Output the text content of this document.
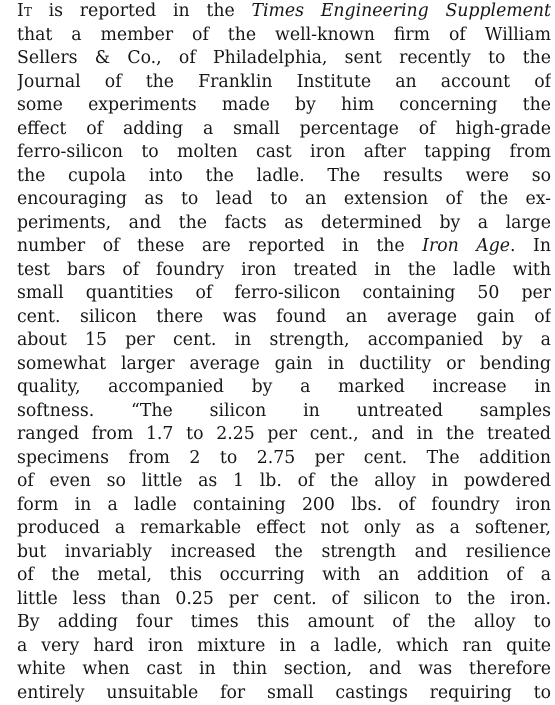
It is reported in the Times Engineering Supplement
that a member of the well-known firm of William
Sellers & Co., of Philadelphia, sent recently to the
Journal of the Franklin Institute an account of
some experiments made by him concerning the
effect of adding a small percentage of high-grade
ferro-silicon to molten cast iron after tapping from
the cupola into the ladle. The results were so
encouraging as to lead to an extension of the ex-
periments, and the facts as determined by a large
number of these are reported in the Iron Age. In
test bars of foundry iron treated in the ladle with
small quantities of ferro-silicon containing 50 per
cent. silicon there was found an average gain of
about 15 per cent. in strength, accompanied by a
somewhat larger average gain in ductility or bending
quality, accompanied by a marked increase in
softness. “The silicon in untreated samples
ranged from 1.7 to 2.25 per cent., and in the treated
specimens from 2 to 2.75 per cent. The addition
of even so little as 1 lb. of the alloy in powdered
form in a ladle containing 200 lbs. of foundry iron
produced a remarkable effect not only as a softener,
but invariably increased the strength and resilience
of the metal, this occurring with an addition of a
little less than 0.25 per cent. of silicon to the iron.
By adding four times this amount of the alloy to
a very hard iron mixture in a ladle, which ran quite
white when cast in thin section, and was therefore
entirely unsuitable for small castings requiring to
